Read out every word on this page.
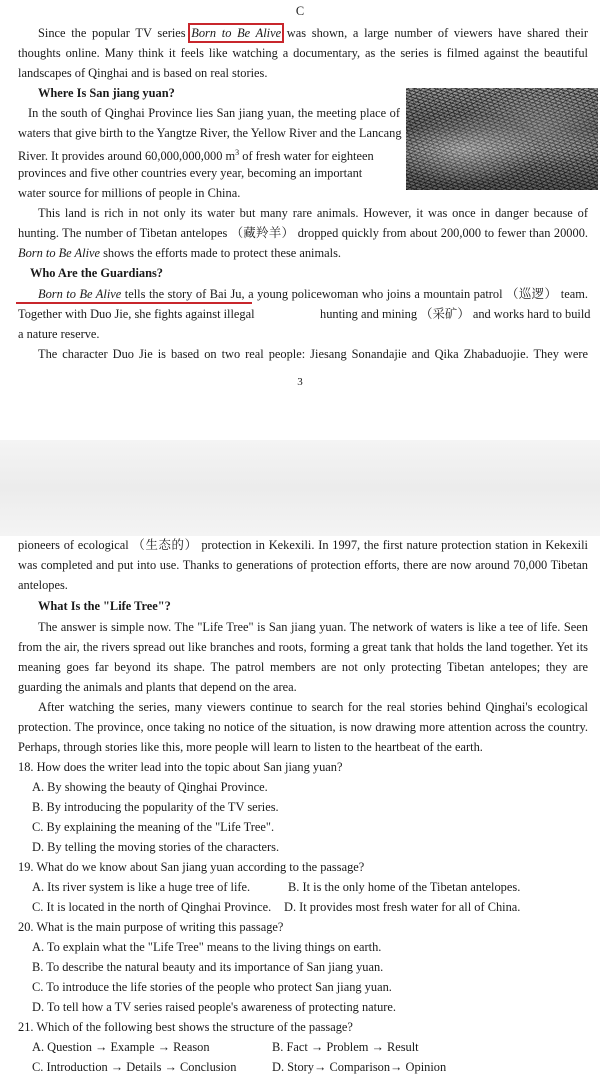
C
Since the popular TV series Born to Be Alive was shown, a large number of viewers have shared their
thoughts online. Many think it feels like watching a documentary, as the series is filmed against the beautiful
landscapes of Qinghai and is based on real stories.
Where Is San jiang yuan?
In the south of Qinghai Province lies San jiang yuan, the meeting place of
waters that give birth to the Yangtze River, the Yellow River and the Lancang
River. It provides around 60,000,000,000 $m^3$ of fresh water for eighteen
provinces and five other countries every year, becoming an important
water source for millions of people in China.
This land is rich in not only its water but many rare animals. However, it was once in danger because of
hunting. The number of Tibetan antelopes （藏羚羊） dropped quickly from about 200,000 to fewer than 20000.
Born to Be Alive shows the efforts made to protect these animals.
Who Are the Guardians?
Born to Be Alive tells the story of Bai Ju, a young policewoman who joins a mountain patrol （巡逻） team.
Together with Duo Jie, she fights against illegal	hunting and mining （采矿） and works hard to build
a nature reserve.
The character Duo Jie is based on two real people: Jiesang Sonandajie and Qika Zhabaduojie. They were
3
pioneers of ecological （生态的） protection in Kekexili. In 1997, the first nature protection station in Kekexili
was completed and put into use. Thanks to generations of protection efforts, there are now around 70,000 Tibetan
antelopes.
What Is the "Life Tree"?
The answer is simple now. The "Life Tree" is San jiang yuan. The network of waters is like a tee of life. Seen
from the air, the rivers spread out like branches and roots, forming a great tank that holds the land together. Yet its
meaning goes far beyond its shape. The patrol members are not only protecting Tibetan antelopes; they are
guarding the animals and plants that depend on the area.
After watching the series, many viewers continue to search for the real stories behind Qinghai's ecological
protection. The province, once taking no notice of the situation, is now drawing more attention across the country.
Perhaps, through stories like this, more people will learn to listen to the heartbeat of the earth.
18. How does the writer lead into the topic about San jiang yuan?
A. By showing the beauty of Qinghai Province.
B. By introducing the popularity of the TV series.
C. By explaining the meaning of the "Life Tree".
D. By telling the moving stories of the characters.
19. What do we know about San jiang yuan according to the passage?
A. Its river system is like a huge tree of life.	B. It is the only home of the Tibetan antelopes.
C. It is located in the north of Qinghai Province.	D. It provides most fresh water for all of China.
20. What is the main purpose of writing this passage?
A. To explain what the "Life Tree" means to the living things on earth.
B. To describe the natural beauty and its importance of San jiang yuan.
C. To introduce the life stories of the people who protect San jiang yuan.
D. To tell how a TV series raised people's awareness of protecting nature.
21. Which of the following best shows the structure of the passage?
A. Question → Example → Reason	B. Fact → Problem → Result
C. Introduction → Details → Conclusion	D. Story→ Comparison→ Opinion
